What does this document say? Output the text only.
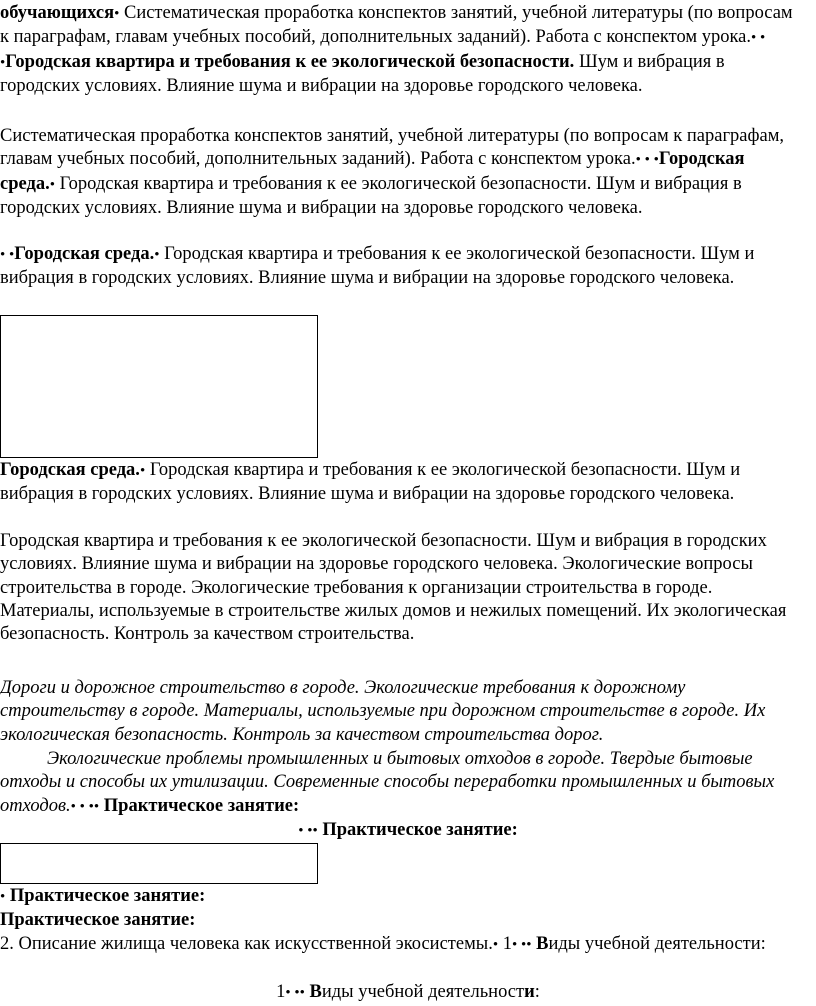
обучающихся• Систематическая проработка конспектов занятий, учебной литературы (по вопросам к параграфам, главам учебных пособий, дополнительных заданий). Работа с конспектом урока.• • •Городская квартира и требования к ее экологической безопасности. Шум и вибрация в городских условиях. Влияние шума и вибрации на здоровье городского человека.

Систематическая проработка конспектов занятий, учебной литературы (по вопросам к параграфам, главам учебных пособий, дополнительных заданий). Работа с конспектом урока.• • •Городская среда.• Городская квартира и требования к ее экологической безопасности. Шум и вибрация в городских условиях. Влияние шума и вибрации на здоровье городского человека.

• •Городская среда.• Городская квартира и требования к ее экологической безопасности. Шум и вибрация в городских условиях. Влияние шума и вибрации на здоровье городского человека.

Городская среда.• Городская квартира и требования к ее экологической безопасности. Шум и вибрация в городских условиях. Влияние шума и вибрации на здоровье городского человека.

Городская квартира и требования к ее экологической безопасности. Шум и вибрация в городских условиях. Влияние шума и вибрации на здоровье городского человека. Экологические вопросы строительства в городе. Экологические требования к организации строительства в городе. Материалы, используемые в строительстве жилых домов и нежилых помещений. Их экологическая безопасность. Контроль за качеством строительства.

Дороги и дорожное строительство в городе. Экологические требования к дорожному строительству в городе. Материалы, используемые при дорожном строительстве в городе. Их экологическая безопасность. Контроль за качеством строительства дорог.

Экологические проблемы промышленных и бытовых отходов в городе. Твердые бытовые отходы и способы их утилизации. Современные способы переработки промышленных и бытовых отходов.• • •• Практическое занятие:

• •• Практическое занятие:

• Практическое занятие:

Практическое занятие:

2. Описание жилища человека как искусственной экосистемы.• 1• •• Виды учебной деятельности:

1• •• Виды учебной деятельности:
